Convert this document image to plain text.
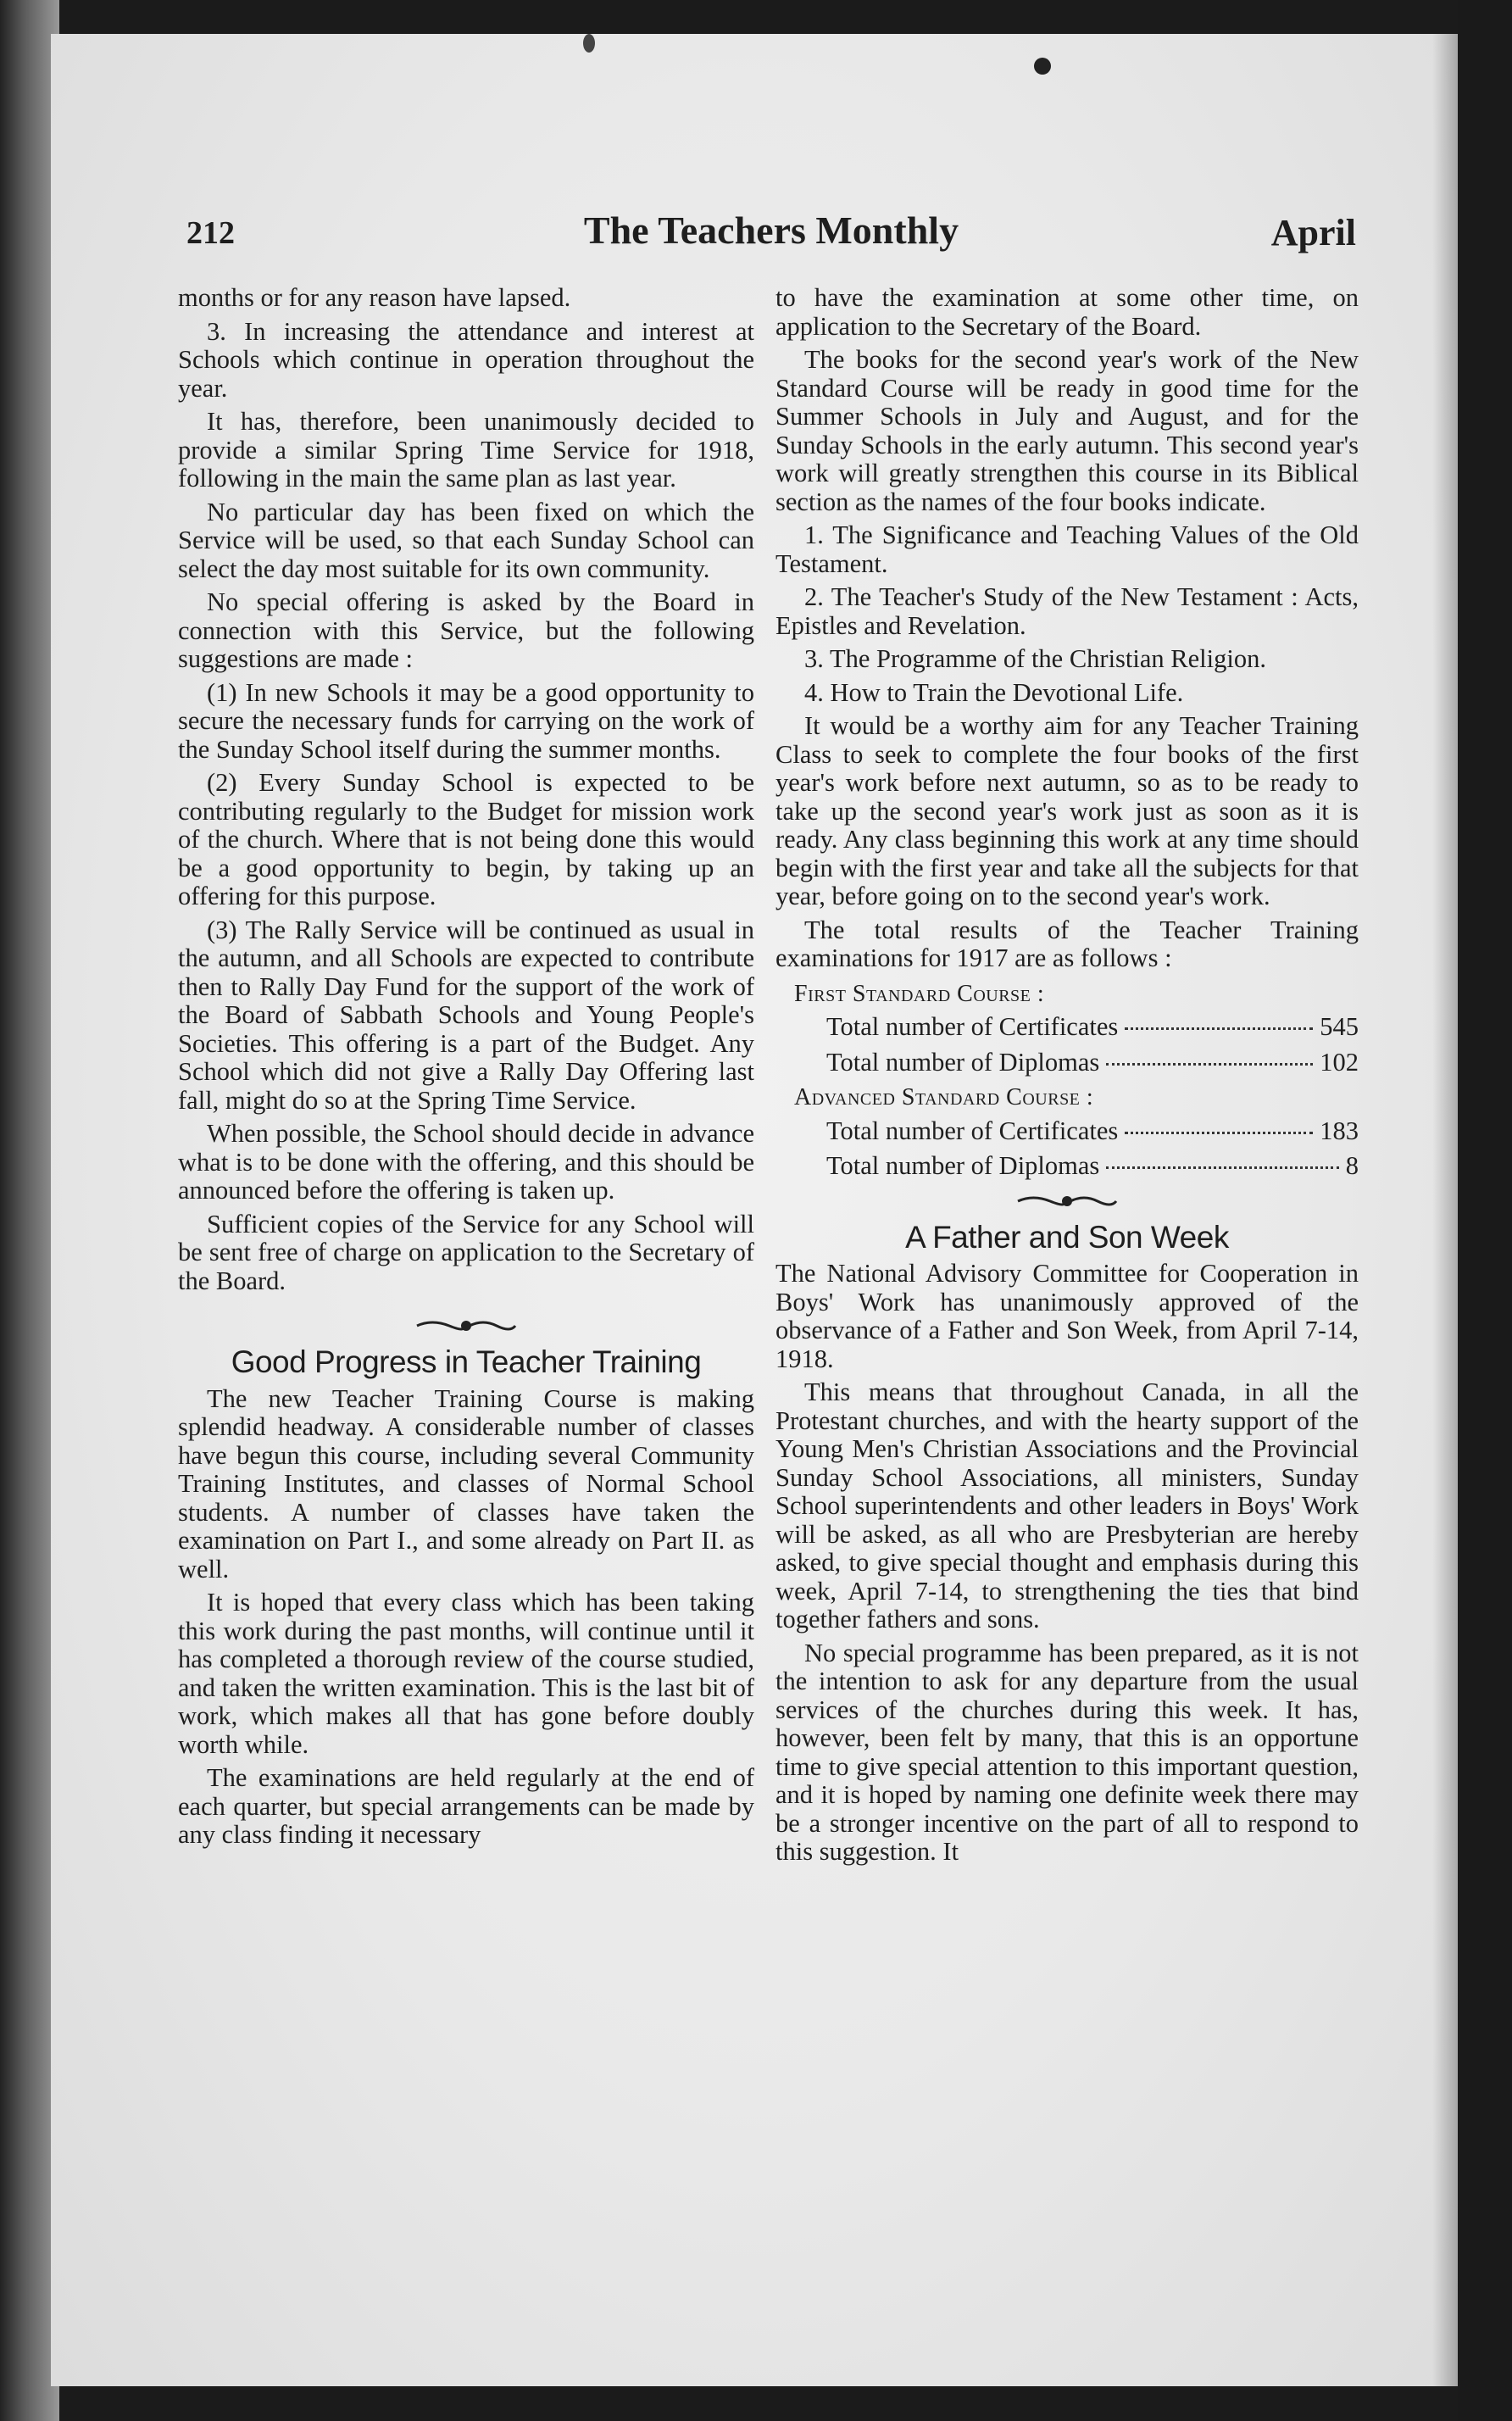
212	The Teachers Monthly	April

months or for any reason have lapsed.

3. In increasing the attendance and interest at Schools which continue in operation throughout the year.

It has, therefore, been unanimously decided to provide a similar Spring Time Service for 1918, following in the main the same plan as last year.

No particular day has been fixed on which the Service will be used, so that each Sunday School can select the day most suitable for its own community.

No special offering is asked by the Board in connection with this Service, but the following suggestions are made :

(1) In new Schools it may be a good opportunity to secure the necessary funds for carrying on the work of the Sunday School itself during the summer months.

(2) Every Sunday School is expected to be contributing regularly to the Budget for mission work of the church. Where that is not being done this would be a good opportunity to begin, by taking up an offering for this purpose.

(3) The Rally Service will be continued as usual in the autumn, and all Schools are expected to contribute then to Rally Day Fund for the support of the work of the Board of Sabbath Schools and Young People's Societies. This offering is a part of the Budget. Any School which did not give a Rally Day Offering last fall, might do so at the Spring Time Service.

When possible, the School should decide in advance what is to be done with the offering, and this should be announced before the offering is taken up.

Sufficient copies of the Service for any School will be sent free of charge on application to the Secretary of the Board.

Good Progress in Teacher Training

The new Teacher Training Course is making splendid headway. A considerable number of classes have begun this course, including several Community Training Institutes, and classes of Normal School students. A number of classes have taken the examination on Part I., and some already on Part II. as well.

It is hoped that every class which has been taking this work during the past months, will continue until it has completed a thorough review of the course studied, and taken the written examination. This is the last bit of work, which makes all that has gone before doubly worth while.

The examinations are held regularly at the end of each quarter, but special arrangements can be made by any class finding it necessary

to have the examination at some other time, on application to the Secretary of the Board.

The books for the second year's work of the New Standard Course will be ready in good time for the Summer Schools in July and August, and for the Sunday Schools in the early autumn. This second year's work will greatly strengthen this course in its Biblical section as the names of the four books indicate.

1. The Significance and Teaching Values of the Old Testament.

2. The Teacher's Study of the New Testament : Acts, Epistles and Revelation.

3. The Programme of the Christian Religion.

4. How to Train the Devotional Life.

It would be a worthy aim for any Teacher Training Class to seek to complete the four books of the first year's work before next autumn, so as to be ready to take up the second year's work just as soon as it is ready. Any class beginning this work at any time should begin with the first year and take all the subjects for that year, before going on to the second year's work.

The total results of the Teacher Training examinations for 1917 are as follows :

First Standard Course :
Total number of Certificates	545
Total number of Diplomas	102
Advanced Standard Course :
Total number of Certificates	183
Total number of Diplomas	8
A Father and Son Week

The National Advisory Committee for Cooperation in Boys' Work has unanimously approved of the observance of a Father and Son Week, from April 7-14, 1918.

This means that throughout Canada, in all the Protestant churches, and with the hearty support of the Young Men's Christian Associations and the Provincial Sunday School Associations, all ministers, Sunday School superintendents and other leaders in Boys' Work will be asked, as all who are Presbyterian are hereby asked, to give special thought and emphasis during this week, April 7-14, to strengthening the ties that bind together fathers and sons.

No special programme has been prepared, as it is not the intention to ask for any departure from the usual services of the churches during this week. It has, however, been felt by many, that this is an opportune time to give special attention to this important question, and it is hoped by naming one definite week there may be a stronger incentive on the part of all to respond to this suggestion. It
